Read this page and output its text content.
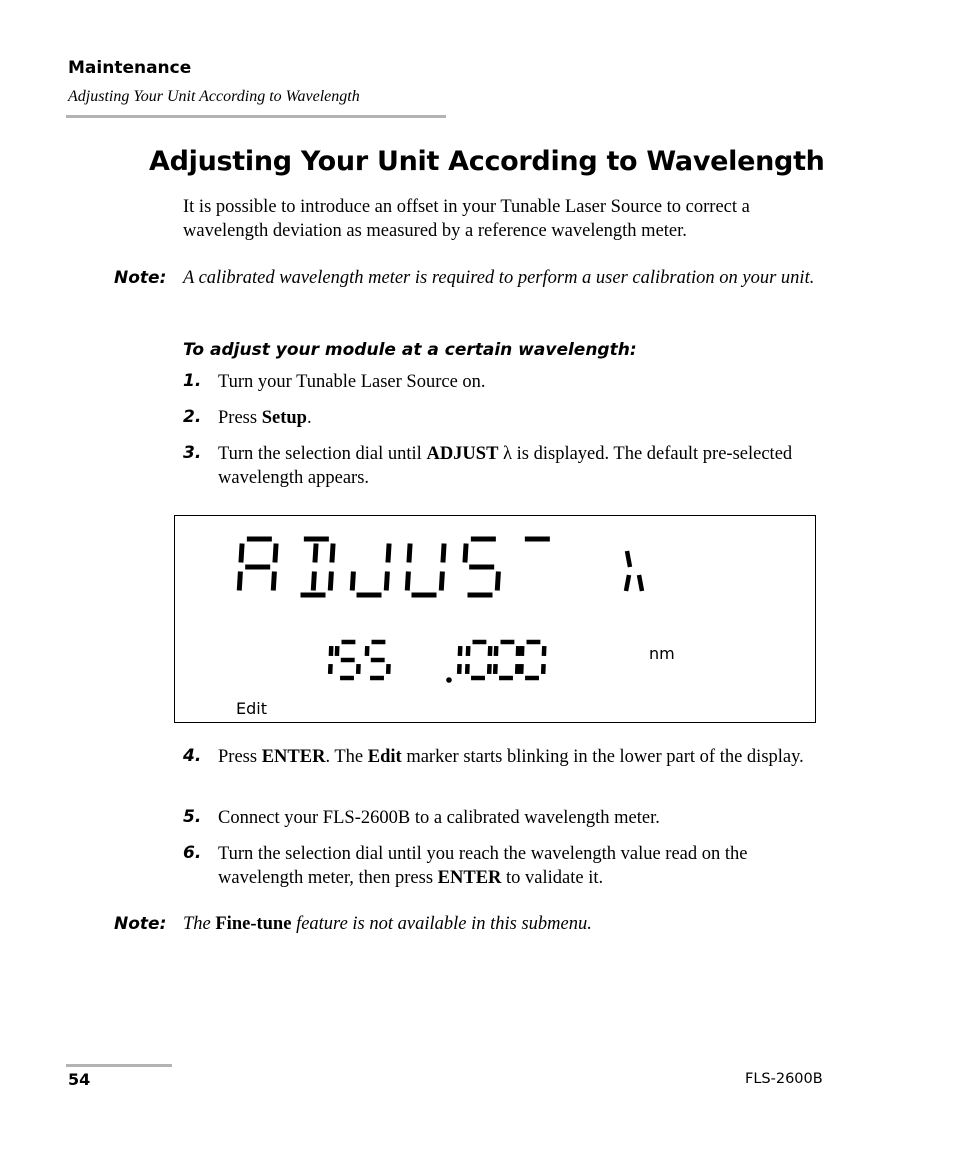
Maintenance
Adjusting Your Unit According to Wavelength
Adjusting Your Unit According to Wavelength
It is possible to introduce an offset in your Tunable Laser Source to correct a wavelength deviation as measured by a reference wavelength meter.
Note: A calibrated wavelength meter is required to perform a user calibration on your unit.
To adjust your module at a certain wavelength:
1. Turn your Tunable Laser Source on.
2. Press Setup.
3. Turn the selection dial until ADJUST λ is displayed. The default pre-selected wavelength appears.
4. Press ENTER. The Edit marker starts blinking in the lower part of the display.
5. Connect your FLS-2600B to a calibrated wavelength meter.
6. Turn the selection dial until you reach the wavelength value read on the wavelength meter, then press ENTER to validate it.
nm
Edit
Note: The Fine-tune feature is not available in this submenu.
54	FLS-2600B
